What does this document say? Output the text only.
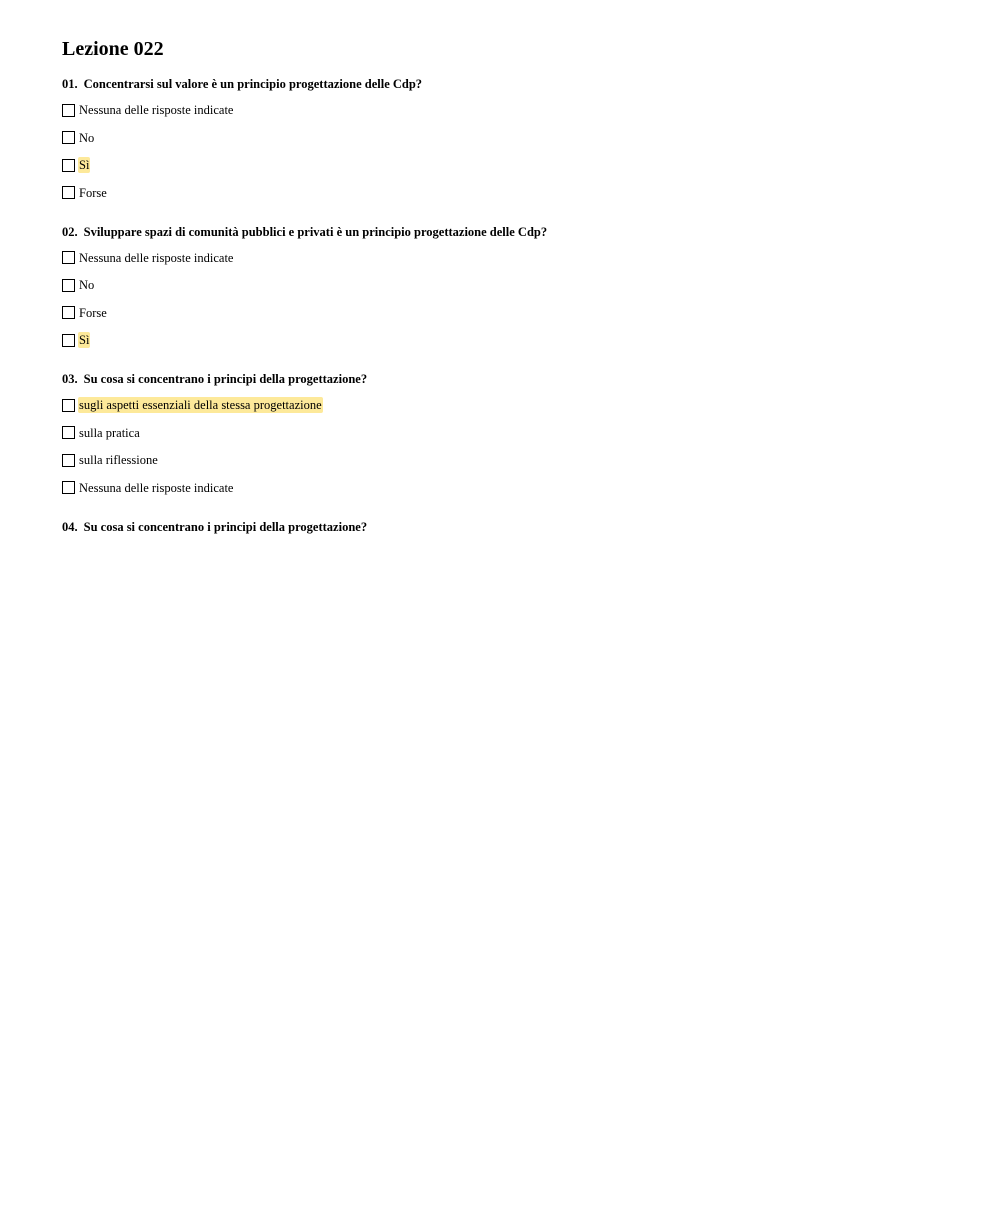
Lezione 022
01. Concentrarsi sul valore è un principio progettazione delle Cdp?
Nessuna delle risposte indicate
No
Sì
Forse
02. Sviluppare spazi di comunità pubblici e privati è un principio progettazione delle Cdp?
Nessuna delle risposte indicate
No
Forse
Sì
03. Su cosa si concentrano i principi della progettazione?
sugli aspetti essenziali della stessa progettazione
sulla pratica
sulla riflessione
Nessuna delle risposte indicate
04. Su cosa si concentrano i principi della progettazione?
